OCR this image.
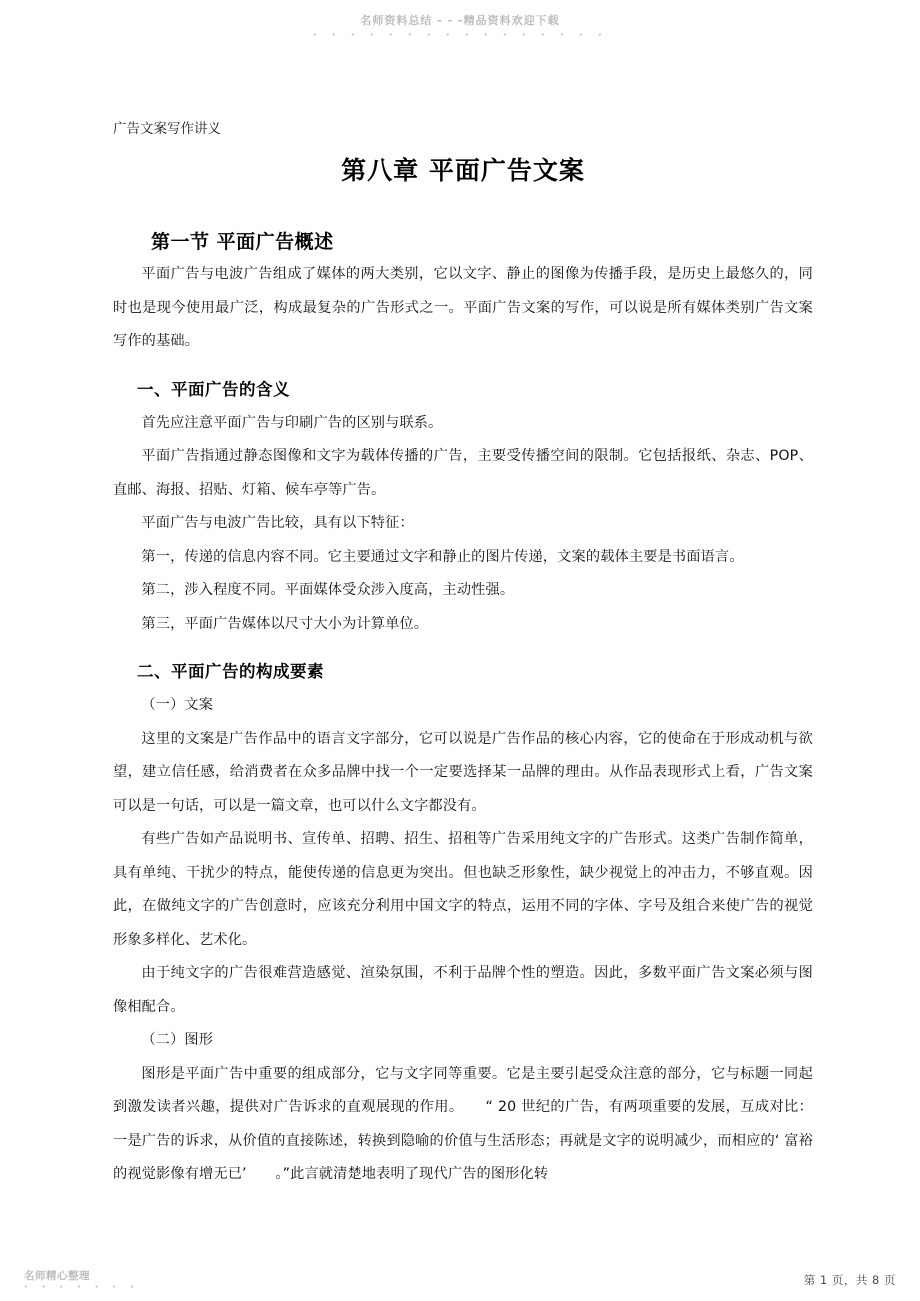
名师资料总结 - - -精品资料欢迎下载
· · · · · · · · · · · · · · · ·
广告文案写作讲义
第八章 平面广告文案
第一节 平面广告概述

平面广告与电波广告组成了媒体的两大类别，它以文字、静止的图像为传播手段，是历史上最悠久的，同时也是现今使用最广泛，构成最复杂的广告形式之一。平面广告文案的写作，可以说是所有媒体类别广告文案写作的基础。

一、平面广告的含义

首先应注意平面广告与印刷广告的区别与联系。

平面广告指通过静态图像和文字为载体传播的广告，主要受传播空间的限制。它包括报纸、杂志、POP、直邮、海报、招贴、灯箱、候车亭等广告。

平面广告与电波广告比较，具有以下特征：

第一，传递的信息内容不同。它主要通过文字和静止的图片传递，文案的载体主要是书面语言。

第二，涉入程度不同。平面媒体受众涉入度高，主动性强。

第三，平面广告媒体以尺寸大小为计算单位。

二、平面广告的构成要素

（一）文案

这里的文案是广告作品中的语言文字部分，它可以说是广告作品的核心内容，它的使命在于形成动机与欲望，建立信任感，给消费者在众多品牌中找一个一定要选择某一品牌的理由。从作品表现形式上看，广告文案可以是一句话，可以是一篇文章，也可以什么文字都没有。

有些广告如产品说明书、宣传单、招聘、招生、招租等广告采用纯文字的广告形式。这类广告制作简单，具有单纯、干扰少的特点，能使传递的信息更为突出。但也缺乏形象性，缺少视觉上的冲击力，不够直观。因此，在做纯文字的广告创意时，应该充分利用中国文字的特点，运用不同的字体、字号及组合来使广告的视觉形象多样化、艺术化。

由于纯文字的广告很难营造感觉、渲染氛围，不利于品牌个性的塑造。因此，多数平面广告文案必须与图像相配合。

（二）图形

图形是平面广告中重要的组成部分，它与文字同等重要。它是主要引起受众注意的部分，它与标题一同起到激发读者兴趣，提供对广告诉求的直观展现的作用。　　“ 20 世纪的广告，有两项重要的发展，互成对比：一是广告的诉求，从价值的直接陈述，转换到隐喻的价值与生活形态；再就是文字的说明减少，而相应的‘ 富裕的视觉影像有增无已’　　。”此言就清楚地表明了现代广告的图形化转

名师精心整理
· · · · · · ·	第 1 页，共 8 页
